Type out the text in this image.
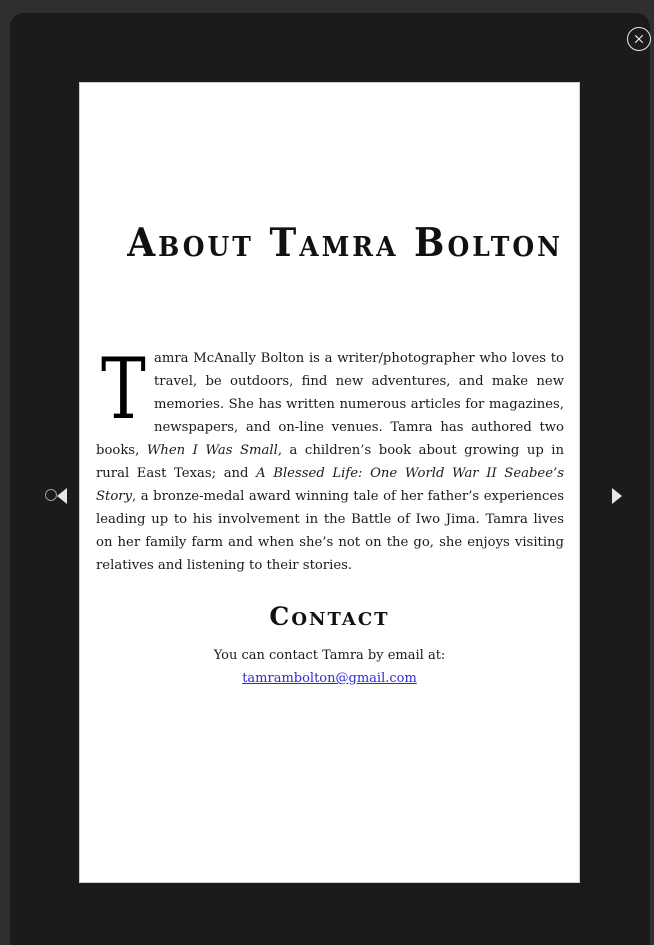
About Tamra Bolton

Tamra McAnally Bolton is a writer/photographer who loves to travel, be outdoors, find new adventures, and make new memories. She has written numerous articles for magazines, newspapers, and on-line venues. Tamra has authored two books, When I Was Small, a children’s book about growing up in rural East Texas; and A Blessed Life: One World War II Seabee’s Story, a bronze-medal award winning tale of her father’s experiences leading up to his involvement in the Battle of Iwo Jima. Tamra lives on her family farm and when she’s not on the go, she enjoys visiting relatives and listening to their stories.

Contact

You can contact Tamra by email at:

tamrambolton@gmail.com
